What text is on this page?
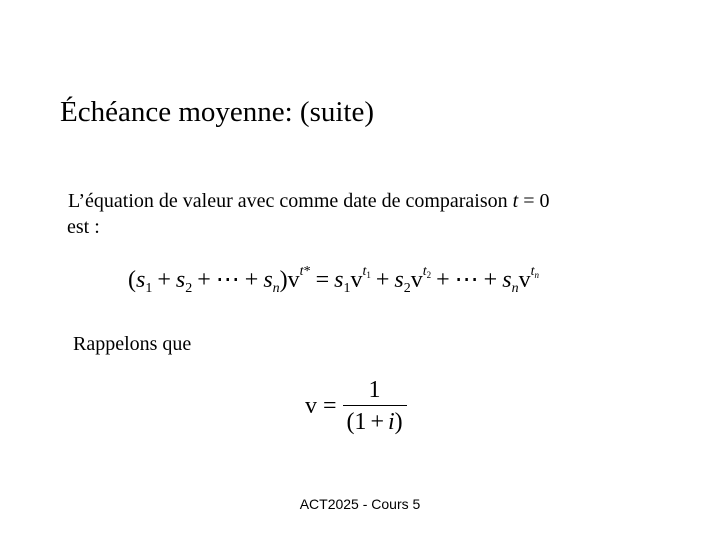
Échéance moyenne: (suite)
L’équation de valeur avec comme date de comparaison t = 0
est :
($s_1 + s_2$ + ⋯ + $s_n)v^{t*} = s_1v^{t_1} + s_2v^{t_2}$ + ⋯ + $s_nv^{t_n}$
Rappelons que
$v = \frac{1}{(1 + i)}$
ACT2025 - Cours 5
